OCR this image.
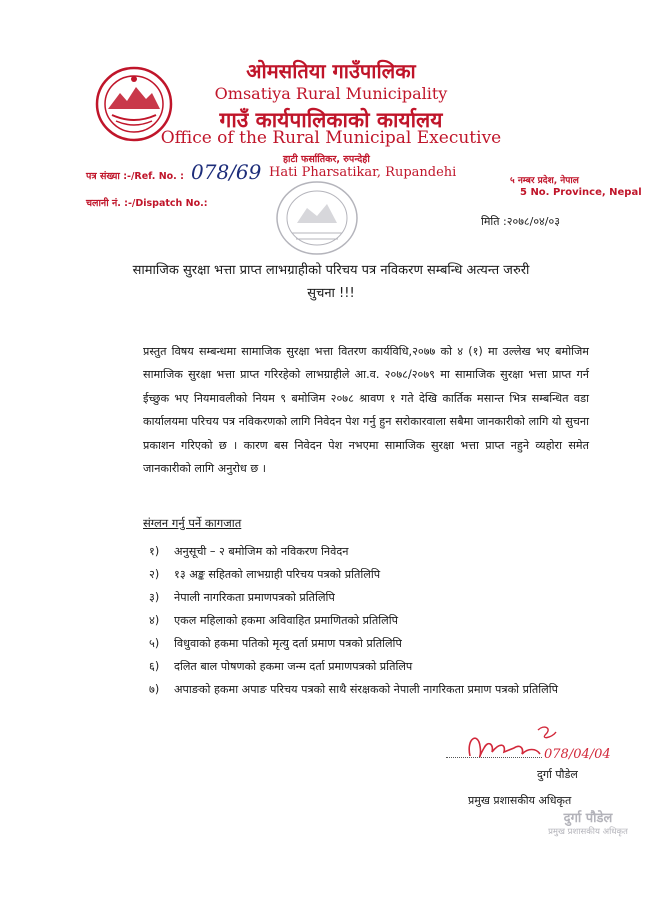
ओमसतिया गाउँपालिका
Omsatiya Rural Municipality
गाउँ कार्यपालिकाको कार्यालय
Office of the Rural Municipal Executive
हाटी फर्सातिकर, रुपन्देही
Hati Pharsatikar, Rupandehi
पत्र संख्या :-/Ref. No. : 078/69
चलानी नं. :-/Dispatch No.:
५ नम्बर प्रदेश, नेपाल
5 No. Province, Nepal
मिति :२०७८/०४/०३
सामाजिक सुरक्षा भत्ता प्राप्त लाभग्राहीको परिचय पत्र नविकरण सम्बन्धि अत्यन्त जरुरी
सुचना !!!
प्रस्तुत विषय सम्बन्धमा सामाजिक सुरक्षा भत्ता वितरण कार्यविधि,२०७७ को ४ (१) मा उल्लेख भए बमोजिम सामाजिक सुरक्षा भत्ता प्राप्त गरिरहेको लाभग्राहीले आ.व. २०७८/२०७९ मा सामाजिक सुरक्षा भत्ता प्राप्त गर्न ईच्छुक भए नियमावलीको नियम ९ बमोजिम २०७८ श्रावण १ गते देखि कार्तिक मसान्त भित्र सम्बन्धित वडा कार्यालयमा परिचय पत्र नविकरणको लागि निवेदन पेश गर्नु हुन सरोकारवाला सबैमा जानकारीको लागि यो सुचना प्रकाशन गरिएको छ । कारण बस निवेदन पेश नभएमा सामाजिक सुरक्षा भत्ता प्राप्त नहुने व्यहोरा समेत जानकारीको लागि अनुरोध छ ।
संग्लन गर्नु पर्ने कागजात
१)	अनुसूची – २ बमोजिम को नविकरण निवेदन
२)	१३ अङ्क सहितको लाभग्राही परिचय पत्रको प्रतिलिपि
३)	नेपाली नागरिकता प्रमाणपत्रको प्रतिलिपि
४)	एकल महिलाको हकमा अविवाहित प्रमाणितको प्रतिलिपि
५)	विधुवाको हकमा पतिको मृत्यु दर्ता प्रमाण पत्रको प्रतिलिपि
६)	दलित बाल पोषणको हकमा जन्म दर्ता प्रमाणपत्रको प्रतिलिप
७)	अपाङको हकमा अपाङ परिचय पत्रको साथै संरक्षकको नेपाली नागरिकता प्रमाण पत्रको प्रतिलिपि
078/04/04
दुर्गा पौडेल
प्रमुख प्रशासकीय अधिकृत
दुर्गा पौडेल
प्रमुख प्रशासकीय अधिकृत
